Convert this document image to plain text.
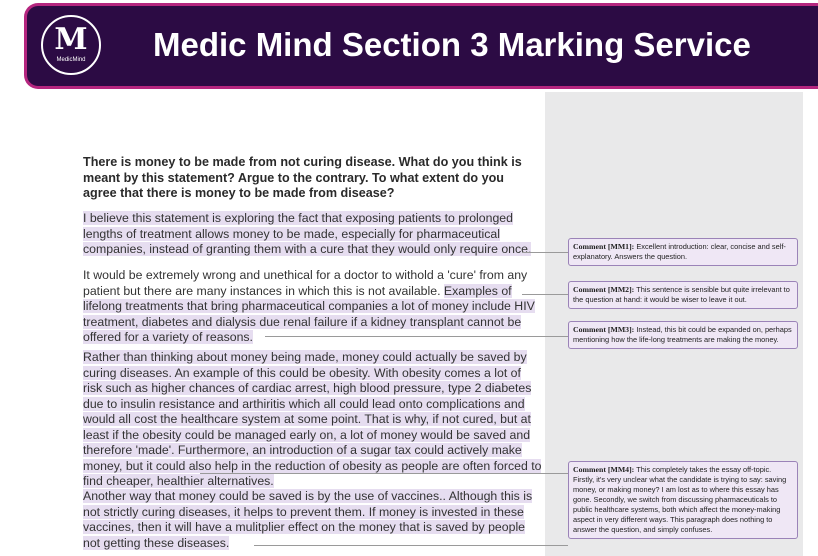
M
MedicMind	Medic Mind Section 3 Marking Service
There is money to be made from not curing disease. What do you think is meant by this statement? Argue to the contrary. To what extent do you agree that there is money to be made from disease?
I believe this statement is exploring the fact that exposing patients to prolonged lengths of treatment allows money to be made, especially for pharmaceutical companies, instead of granting them with a cure that they would only require once.
It would be extremely wrong and unethical for a doctor to withold a 'cure' from any patient but there are many instances in which this is not available. Examples of lifelong treatments that bring pharmaceutical companies a lot of money include HIV treatment, diabetes and dialysis due renal failure if a kidney transplant cannot be offered for a variety of reasons.
Rather than thinking about money being made, money could actually be saved by curing diseases. An example of this could be obesity. With obesity comes a lot of risk such as higher chances of cardiac arrest, high blood pressure, type 2 diabetes due to insulin resistance and arthiritis which all could lead onto complications and would all cost the healthcare system at some point. That is why, if not cured, but at least if the obesity could be managed early on, a lot of money would be saved and therefore 'made'. Furthermore, an introduction of a sugar tax could actively make money, but it could also help in the reduction of obesity as people are often forced to find cheaper, healthier alternatives.
Another way that money could be saved is by the use of vaccines.. Although this is not strictly curing diseases, it helps to prevent them. If money is invested in these vaccines, then it will have a mulitplier effect on the money that is saved by people not getting these diseases.
Comment [MM1]: Excellent introduction: clear, concise and self-explanatory. Answers the question.
Comment [MM2]: This sentence is sensible but quite irrelevant to the question at hand: it would be wiser to leave it out.
Comment [MM3]: Instead, this bit could be expanded on, perhaps mentioning how the life-long treatments are making the money.
Comment [MM4]: This completely takes the essay off-topic. Firstly, it's very unclear what the candidate is trying to say: saving money, or making money? I am lost as to where this essay has gone. Secondly, we switch from discussing pharmaceuticals to public healthcare systems, both which affect the money-making aspect in very different ways. This paragraph does nothing to answer the question, and simply confuses.
